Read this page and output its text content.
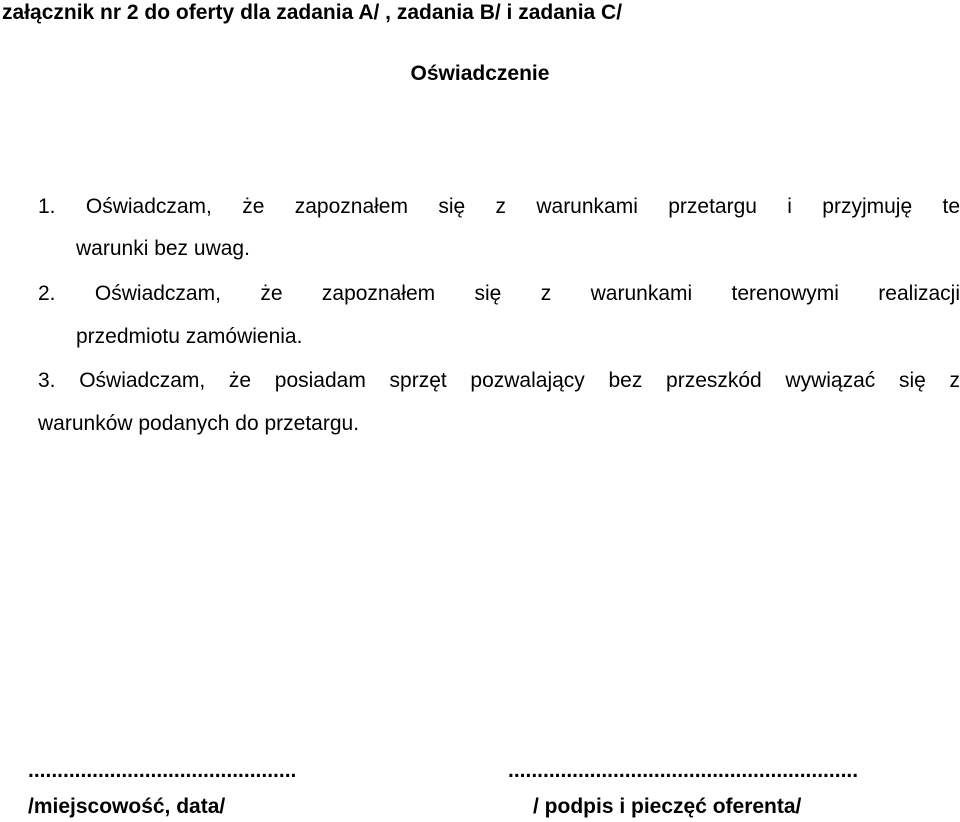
załącznik nr 2 do oferty dla zadania A/ , zadania B/ i zadania C/
Oświadczenie
1. Oświadczam, że zapoznałem się z warunkami przetargu i przyjmuję te
warunki bez uwag.
2. Oświadczam, że zapoznałem się z warunkami terenowymi realizacji
przedmiotu zamówienia.
3. Oświadczam, że posiadam sprzęt pozwalający bez przeszkód wywiązać się z
warunków podanych do przetargu.
..............................................
/miejscowość, data/
............................................................
/ podpis i pieczęć oferenta/
